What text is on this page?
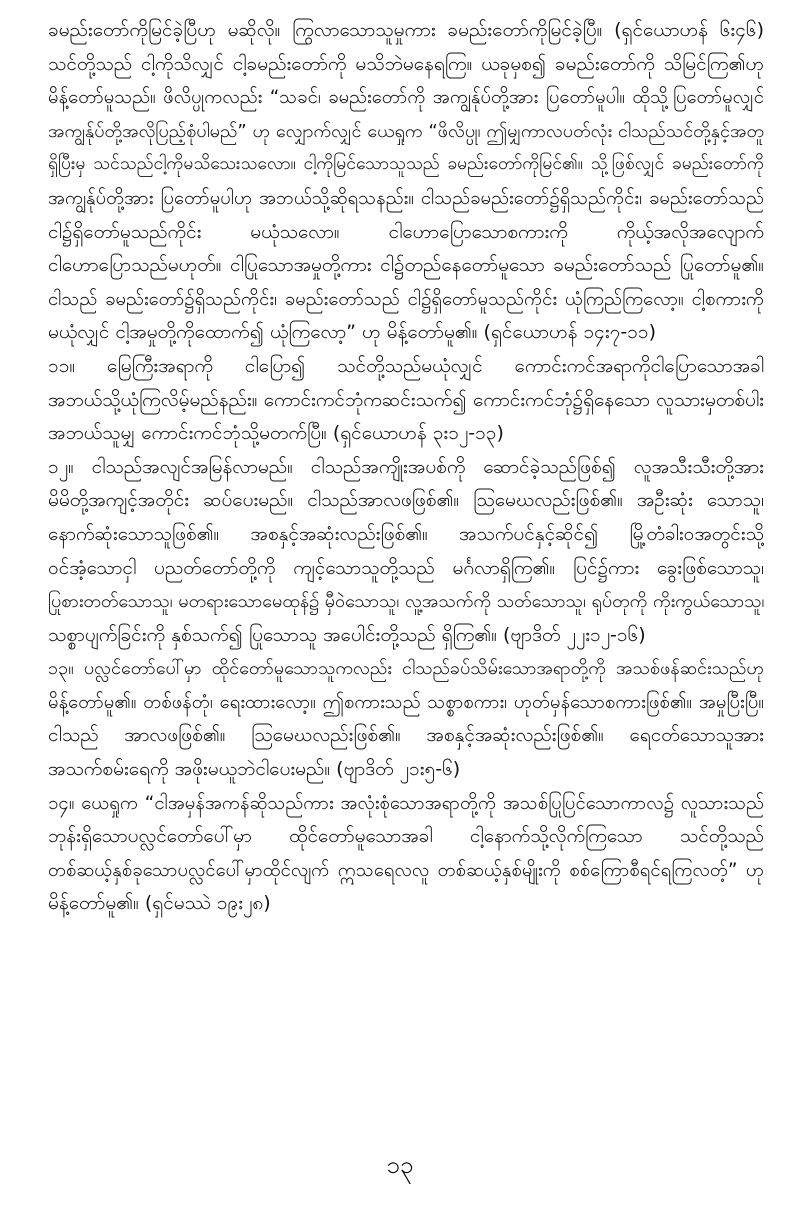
ခမည်းတော်ကိုမြင်ခဲ့ပြီဟု မဆိုလို။ ကြွလာသောသူမှုကား ခမည်းတော်ကိုမြင်ခဲ့ပြီ။ (ရှင်ယောဟန် ၆း၄၆)
သင်တို့သည် ငါ့ကိုသိလျှင် ငါ့ခမည်းတော်ကို မသိဘဲမနေရကြ။ ယခုမှစ၍ ခမည်းတော်ကို သိမြင်ကြ၏ဟု
မိန့်တော်မူသည်။ ဖိလိပ္ပုကလည်း “သခင်၊ ခမည်းတော်ကို အကျွန်ုပ်တို့အား ပြတော်မူပါ။ ထိုသို့ပြတော်မူလျှင်
အကျွန်ုပ်တို့အလိုပြည့်စုံပါမည်” ဟု လျှောက်လျှင် ယေရှုက “ဖိလိပ္ပု၊ ဤမျှကာလပတ်လုံး ငါသည်သင်တို့နှင့်အတူ
ရှိပြီးမှ သင်သည်ငါ့ကိုမသိသေးသလော။ ငါ့ကိုမြင်သောသူသည် ခမည်းတော်ကိုမြင်၏။ သို့ဖြစ်လျှင် ခမည်းတော်ကို
အကျွန်ုပ်တို့အား ပြတော်မူပါဟု အဘယ်သို့ဆိုရသနည်း။ ငါသည်ခမည်းတော်၌ရှိသည်ကိုင်း၊ ခမည်းတော်သည်
ငါ၌ရှိတော်မူသည်ကိုင်း မယုံသလော။ ငါဟောပြောသောစကားကို ကိုယ့်အလိုအလျောက်
ငါဟောပြောသည်မဟုတ်။ ငါပြုသောအမှုတို့ကား ငါ၌တည်နေတော်မူသော ခမည်းတော်သည် ပြုတော်မူ၏။
ငါသည် ခမည်းတော်၌ရှိသည်ကိုင်း၊ ခမည်းတော်သည် ငါ၌ရှိတော်မူသည်ကိုင်း ယုံကြည်ကြလော့။ ငါ့စကားကို
မယုံလျှင် ငါ့အမှုတို့ကိုထောက်၍ ယုံကြလော့” ဟု မိန့်တော်မူ၏။ (ရှင်ယောဟန် ၁၄း၇-၁၁)
၁၁။ မြေကြီးအရာကို ငါပြော၍ သင်တို့သည်မယုံလျှင် ကောင်းကင်အရာကိုငါပြောသောအခါ
အဘယ်သို့ယုံကြလိမ့်မည်နည်း။ ကောင်းကင်ဘုံကဆင်းသက်၍ ကောင်းကင်ဘုံ၌ရှိနေသော လူသားမှတစ်ပါး
အဘယ်သူမျှ ကောင်းကင်ဘုံသို့မတက်ပြီ။ (ရှင်ယောဟန် ၃း၁၂-၁၃)
၁၂။ ငါသည်အလျင်အမြန်လာမည်။ ငါသည်အကျိုးအပစ်ကို ဆောင်ခဲ့သည်ဖြစ်၍ လူအသီးသီးတို့အား
မိမိတို့အကျင့်အတိုင်း ဆပ်ပေးမည်။ ငါသည်အာလဖဖြစ်၏။ ဩမေဃလည်းဖြစ်၏။ အဦးဆုံး သောသူ၊
နောက်ဆုံးသောသူဖြစ်၏။ အစနှင့်အဆုံးလည်းဖြစ်၏။ အသက်ပင်နှင့်ဆိုင်၍ မြို့တံခါးဝအတွင်းသို့
ဝင်အံ့သောငှါ ပညတ်တော်တို့ကို ကျင့်သောသူတို့သည် မင်္ဂလာရှိကြ၏။ ပြင်၌ကား ခွေးဖြစ်သောသူ၊
ပြုစားတတ်သောသူ၊ မတရားသောမေထုန်၌ မှီဝဲသောသူ၊ လူ့အသက်ကို သတ်သောသူ၊ ရုပ်တုကို ကိုးကွယ်သောသူ၊
သစ္စာပျက်ခြင်းကို နှစ်သက်၍ ပြုသောသူ အပေါင်းတို့သည် ရှိကြ၏။ (ဗျာဒိတ် ၂၂း၁၂-၁၆)
၁၃။ ပလ္လင်တော်ပေါ်မှာ ထိုင်တော်မူသောသူကလည်း ငါသည်ခပ်သိမ်းသောအရာတို့ကို အသစ်ဖန်ဆင်းသည်ဟု
မိန့်တော်မူ၏။ တစ်ဖန်တုံ၊ ရေးထားလော့။ ဤစကားသည် သစ္စာစကား၊ ဟုတ်မှန်သောစကားဖြစ်၏။ အမှုပြီးပြီ။
ငါသည် အာလဖဖြစ်၏။ ဩမေဃလည်းဖြစ်၏။ အစနှင့်အဆုံးလည်းဖြစ်၏။ ရေငတ်သောသူအား
အသက်စမ်းရေကို အဖိုးမယူဘဲငါပေးမည်။ (ဗျာဒိတ် ၂၁း၅-၆)
၁၄။ ယေရှုက “ငါအမှန်အကန်ဆိုသည်ကား အလုံးစုံသောအရာတို့ကို အသစ်ပြုပြင်သောကာလ၌ လူသားသည်
ဘုန်းရှိသောပလ္လင်တော်ပေါ်မှာ ထိုင်တော်မူသောအခါ ငါ့နောက်သို့လိုက်ကြသော သင်တို့သည်
တစ်ဆယ့်နှစ်ခုသောပလ္လင်ပေါ်မှာထိုင်လျက် ဣသရေလလူ တစ်ဆယ့်နှစ်မျိုးကို စစ်ကြောစီရင်ရကြလတ့်” ဟု
မိန့်တော်မူ၏။ (ရှင်မဿဲ ၁၉း၂၈)
၁၃
